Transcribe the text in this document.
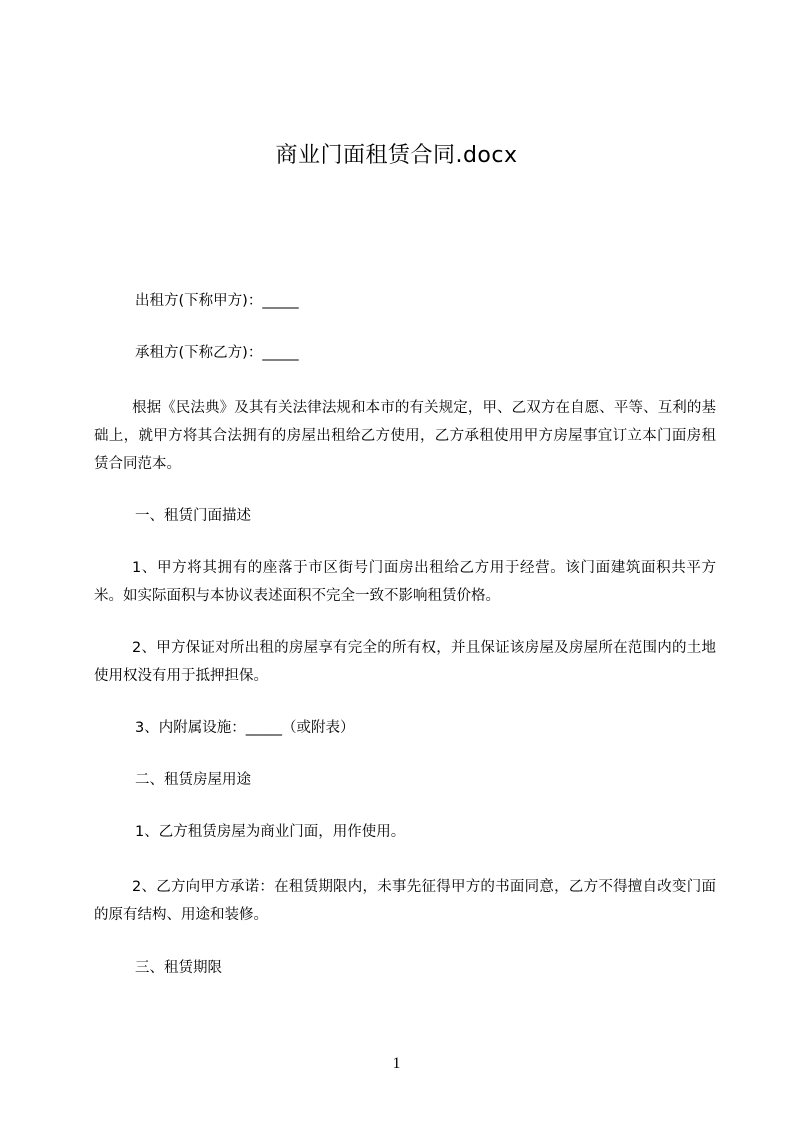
商业门面租赁合同.docx
出租方(下称甲方)：_____
承租方(下称乙方)：_____
根据《民法典》及其有关法律法规和本市的有关规定，甲、乙双方在自愿、平等、互利的基础上，就甲方将其合法拥有的房屋出租给乙方使用，乙方承租使用甲方房屋事宜订立本门面房租赁合同范本。
一、租赁门面描述
1、甲方将其拥有的座落于市区街号门面房出租给乙方用于经营。该门面建筑面积共平方米。如实际面积与本协议表述面积不完全一致不影响租赁价格。
2、甲方保证对所出租的房屋享有完全的所有权，并且保证该房屋及房屋所在范围内的土地使用权没有用于抵押担保。
3、内附属设施：_____（或附表）
二、租赁房屋用途
1、乙方租赁房屋为商业门面，用作使用。
2、乙方向甲方承诺：在租赁期限内，未事先征得甲方的书面同意，乙方不得擅自改变门面的原有结构、用途和装修。
三、租赁期限
1
